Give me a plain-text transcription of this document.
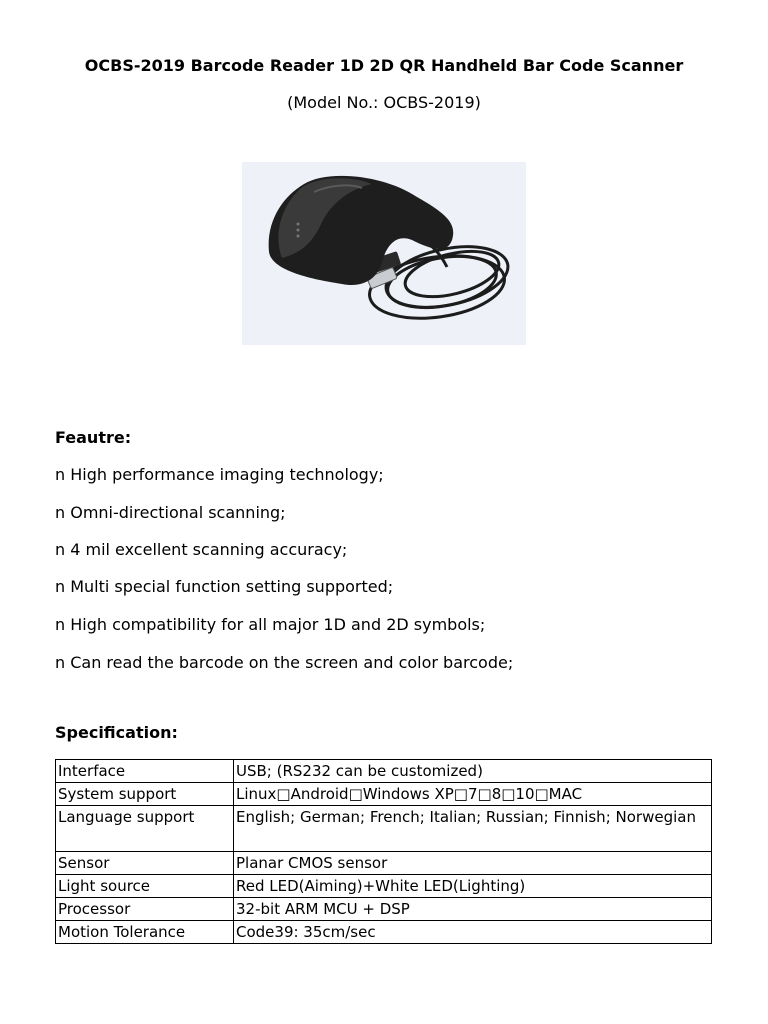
OCBS-2019 Barcode Reader 1D 2D QR Handheld Bar Code Scanner
(Model No.: OCBS-2019)
Feautre:
n High performance imaging technology;
n Omni-directional scanning;
n 4 mil excellent scanning accuracy;
n Multi special function setting supported;
n High compatibility for all major 1D and 2D symbols;
n Can read the barcode on the screen and color barcode;
Specification:
Interface	USB; (RS232 can be customized)
System support	Linux□Android□Windows XP□7□8□10□MAC
Language support	English; German; French; Italian; Russian; Finnish; Norwegian
Sensor	Planar CMOS sensor
Light source	Red LED(Aiming)+White LED(Lighting)
Processor	32-bit ARM MCU + DSP
Motion Tolerance	Code39: 35cm/sec
